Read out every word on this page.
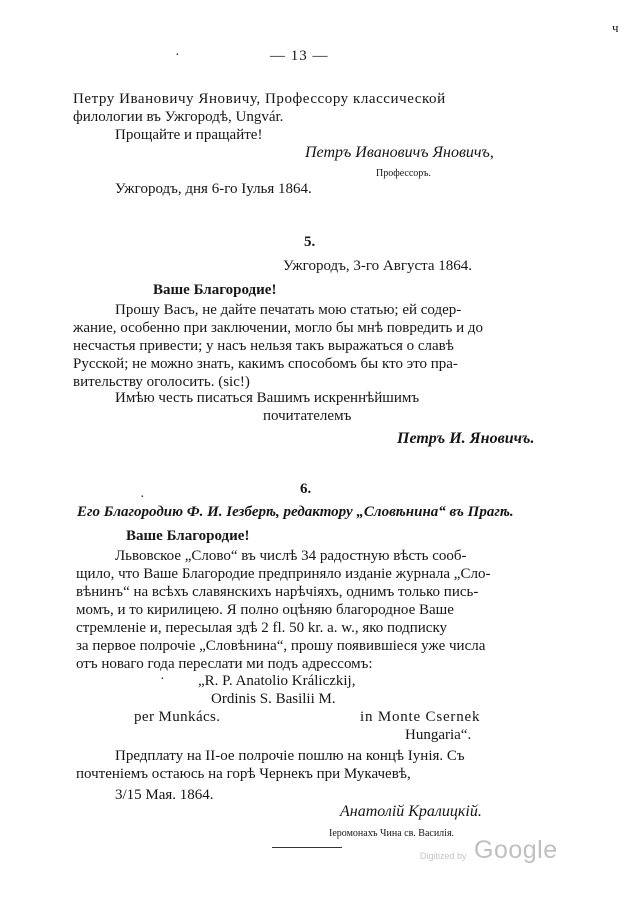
·	— 13 —
ч
Петру Ивановичу Яновичу, Профессору классической
филологии въ Ужгородѣ, Ungvár.
Прощайте и пращайте!
Петръ Ивановичъ Яновичъ,
Профессоръ.
Ужгородъ, дня 6-го Iулья 1864.
5.
Ужгородъ, 3-го Августа 1864.
Ваше Благородие!
Прошу Васъ, не дайте печатать мою статью; ей содер-
жание, особенно при заключении, могло бы мнѣ повредить и до
несчастья привести; у насъ нельзя такъ выражаться о славѣ
Русской; не можно знать, какимъ способомъ бы кто это пра-
вительству оголосить. (sic!)
Имѣю честь писаться Вашимъ искреннѣйшимъ
почитателемъ
Петръ И. Яновичъ.
·
6.
Его Благородию Ф. И. Iезберѣ, редактору „Словѣнина“ въ Прагѣ.
Ваше Благородие!
Львовское „Слово“ въ числѣ 34 радостную вѣсть сооб-
щило, что Ваше Благородие предприняло изданiе журнала „Сло-
вѣнинъ“ на всѣхъ славянскихъ нарѣчiяхъ, однимъ только пись-
момъ, и то кирилицею. Я полно оцѣняю благородное Ваше
стремленiе и, пересылая здѣ 2 fl. 50 kr. a. w., яко подписку
за первое полрочiе „Словѣнина“, прошу появившiеся уже числа
отъ новаго года переслати ми подъ адрессомъ:
· „R. P. Anatolio Králiczkij,
Ordinis S. Basilii M.
per Munkács.	in Monte Csernek
Hungaria“.
Предплату на II-ое полрочiе пошлю на концѣ Iунiя. Съ
почтенiемъ остаюсь на горѣ Чернекъ при Мукачевѣ,
3/15 Мая. 1864.
Анатолiй Кралицкiй.
Iеромонахъ Чина св. Василiя.
Digitized by Google
